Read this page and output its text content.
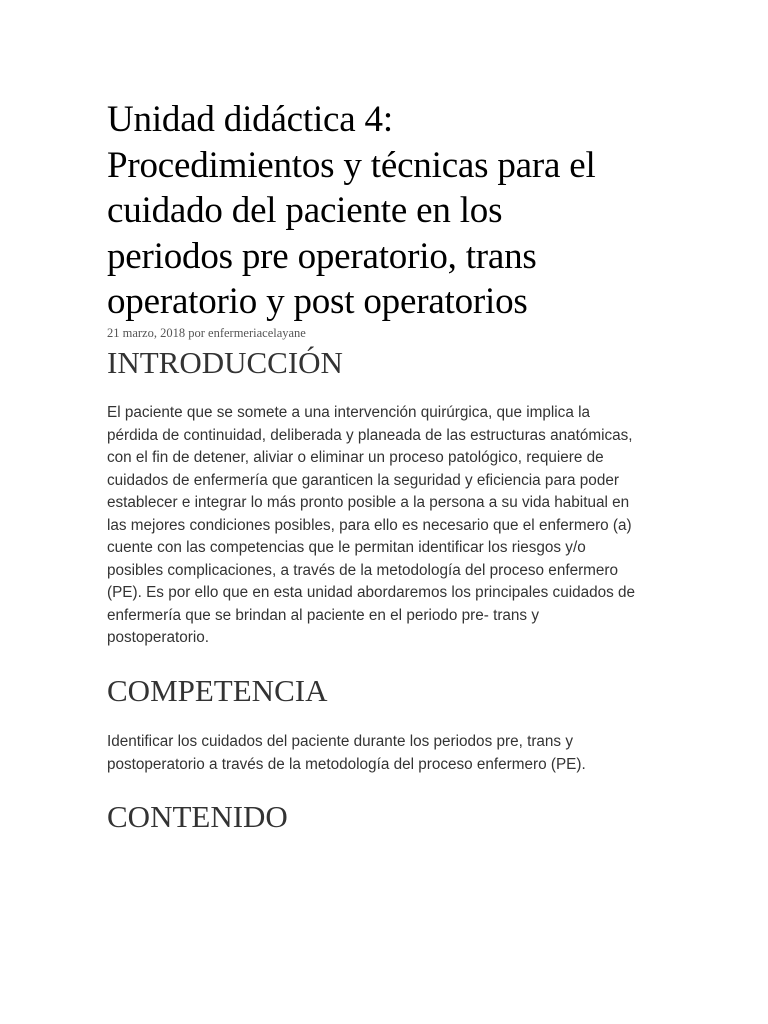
Unidad didáctica 4:
Procedimientos y técnicas para el
cuidado del paciente en los
periodos pre operatorio, trans
operatorio y post operatorios
21 marzo, 2018 por enfermeriacelayane
INTRODUCCIÓN

El paciente que se somete a una intervención quirúrgica, que implica la
pérdida de continuidad, deliberada y planeada de las estructuras anatómicas,
con el fin de detener, aliviar o eliminar un proceso patológico, requiere de
cuidados de enfermería que garanticen la seguridad y eficiencia para poder
establecer e integrar lo más pronto posible a la persona a su vida habitual en
las mejores condiciones posibles, para ello es necesario que el enfermero (a)
cuente con las competencias que le permitan identificar los riesgos y/o
posibles complicaciones, a través de la metodología del proceso enfermero
(PE). Es por ello que en esta unidad abordaremos los principales cuidados de
enfermería que se brindan al paciente en el periodo pre- trans y
postoperatorio.

COMPETENCIA

Identificar los cuidados del paciente durante los periodos pre, trans y
postoperatorio a través de la metodología del proceso enfermero (PE).

CONTENIDO
